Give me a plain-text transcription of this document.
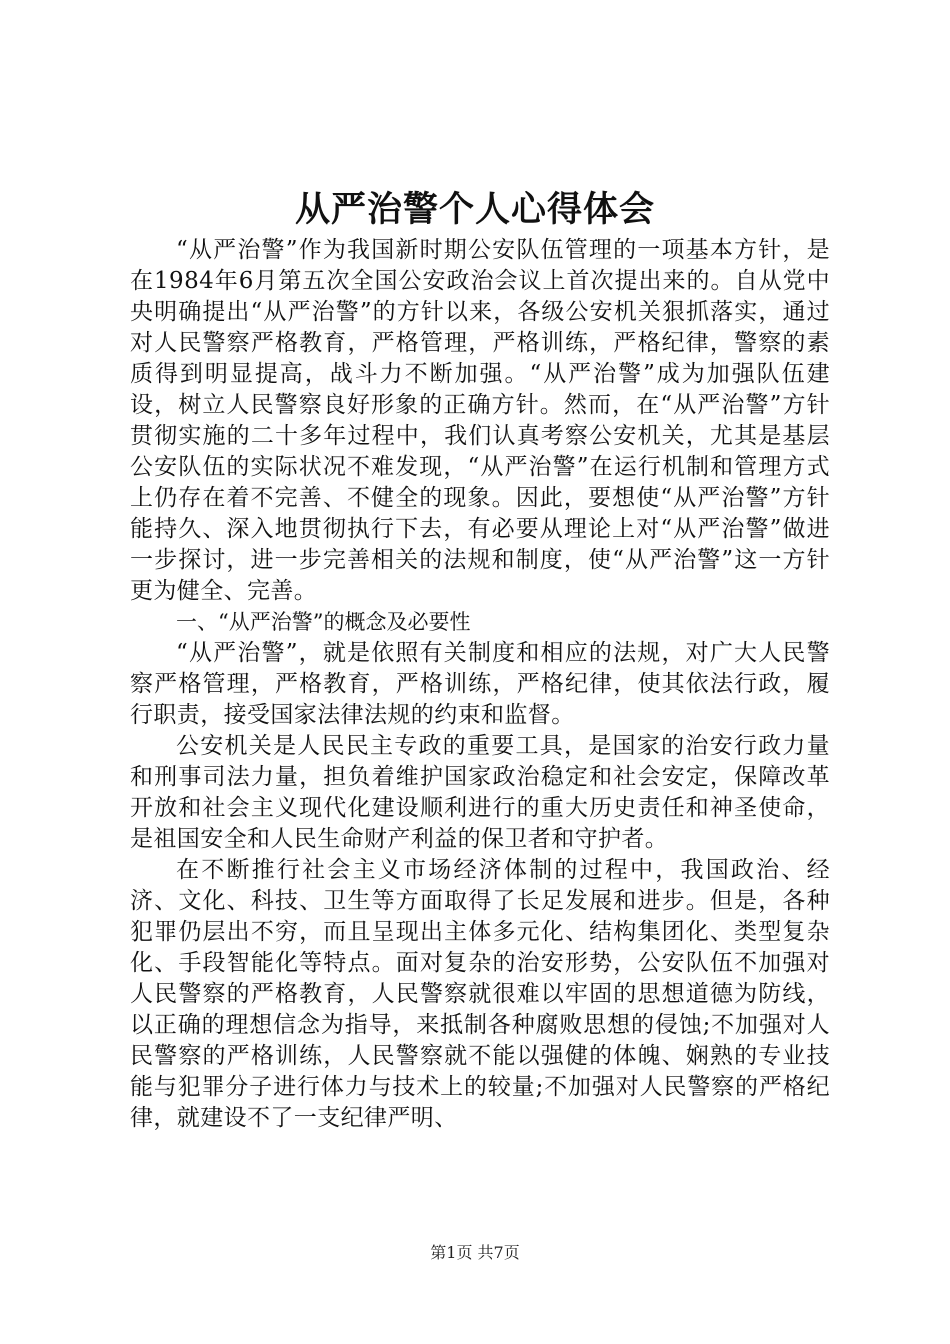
从严治警个人心得体会

“从严治警”作为我国新时期公安队伍管理的一项基本方针，是在1984年6月第五次全国公安政治会议上首次提出来的。自从党中央明确提出“从严治警”的方针以来，各级公安机关狠抓落实，通过对人民警察严格教育，严格管理，严格训练，严格纪律，警察的素质得到明显提高，战斗力不断加强。“从严治警”成为加强队伍建设，树立人民警察良好形象的正确方针。然而，在“从严治警”方针贯彻实施的二十多年过程中，我们认真考察公安机关，尤其是基层公安队伍的实际状况不难发现，“从严治警”在运行机制和管理方式上仍存在着不完善、不健全的现象。因此，要想使“从严治警”方针能持久、深入地贯彻执行下去，有必要从理论上对“从严治警”做进一步探讨，进一步完善相关的法规和制度，使“从严治警”这一方针更为健全、完善。

一、“从严治警”的概念及必要性

“从严治警”，就是依照有关制度和相应的法规，对广大人民警察严格管理，严格教育，严格训练，严格纪律，使其依法行政，履行职责，接受国家法律法规的约束和监督。

公安机关是人民民主专政的重要工具，是国家的治安行政力量和刑事司法力量，担负着维护国家政治稳定和社会安定，保障改革开放和社会主义现代化建设顺利进行的重大历史责任和神圣使命，是祖国安全和人民生命财产利益的保卫者和守护者。

在不断推行社会主义市场经济体制的过程中，我国政治、经济、文化、科技、卫生等方面取得了长足发展和进步。但是，各种犯罪仍层出不穷，而且呈现出主体多元化、结构集团化、类型复杂化、手段智能化等特点。面对复杂的治安形势，公安队伍不加强对人民警察的严格教育，人民警察就很难以牢固的思想道德为防线，以正确的理想信念为指导，来抵制各种腐败思想的侵蚀;不加强对人民警察的严格训练，人民警察就不能以强健的体魄、娴熟的专业技能与犯罪分子进行体力与技术上的较量;不加强对人民警察的严格纪律，就建设不了一支纪律严明、

第1页 共7页
